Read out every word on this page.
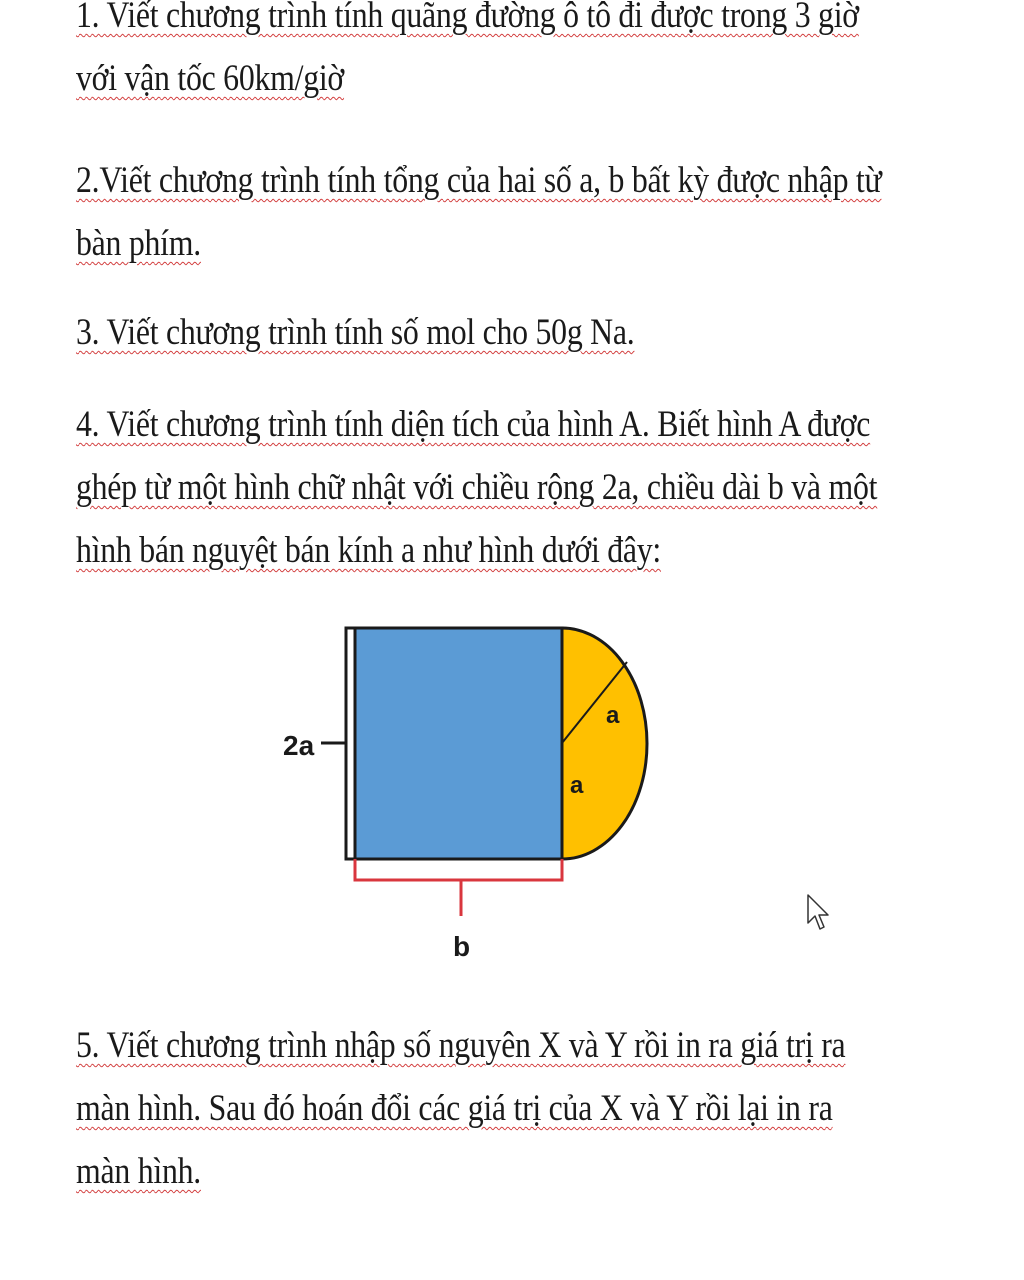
1. Viết chương trình tính quãng đường ô tô đi được trong 3 giờ
với vận tốc 60km/giờ
2.Viết chương trình tính tổng của hai số a, b bất kỳ được nhập từ
bàn phím.
3. Viết chương trình tính số mol cho 50g Na.
4. Viết chương trình tính diện tích của hình A. Biết hình A được
ghép từ một hình chữ nhật với chiều rộng 2a, chiều dài b và một
hình bán nguyệt bán kính a như hình dưới đây:
2a
b
a
a
5. Viết chương trình nhập số nguyên X và Y rồi in ra giá trị ra
màn hình. Sau đó hoán đổi các giá trị của X và Y rồi lại in ra
màn hình.
